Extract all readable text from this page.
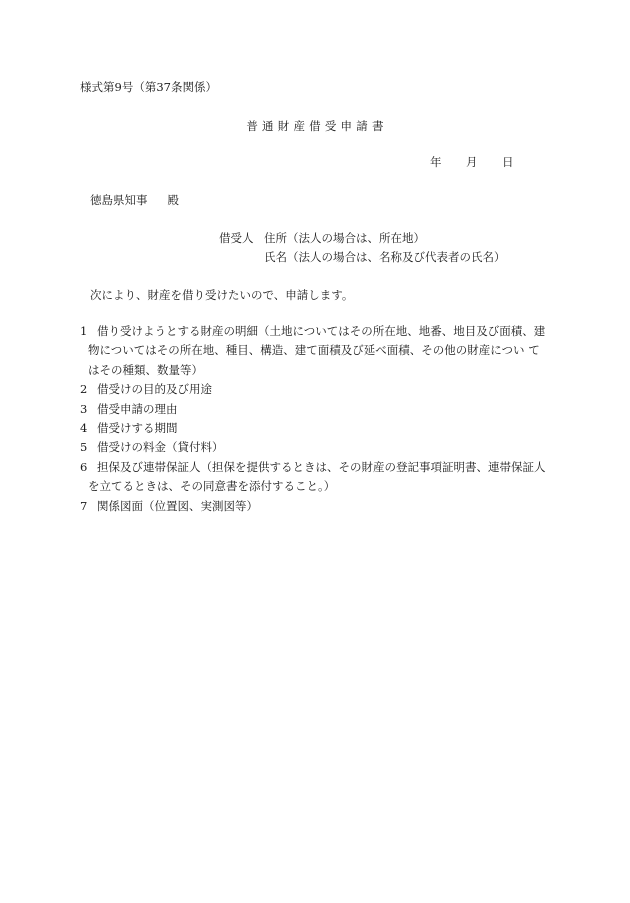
様式第9号（第37条関係）
普通財産借受申請書
年 月 日
徳島県知事 殿
借受人 住所（法人の場合は、所在地）
氏名（法人の場合は、名称及び代表者の氏名）
次により、財産を借り受けたいので、申請します。
1 借り受けようとする財産の明細（土地についてはその所在地、地番、地目及び面積、建
物についてはその所在地、種目、構造、建て面積及び延べ面積、その他の財産につい て
はその種類、数量等）
2 借受けの目的及び用途
3 借受申請の理由
4 借受けする期間
5 借受けの料金（貸付料）
6 担保及び連帯保証人（担保を提供するときは、その財産の登記事項証明書、連帯保証人
を立てるときは、その同意書を添付すること。）
7 関係図面（位置図、実測図等）
